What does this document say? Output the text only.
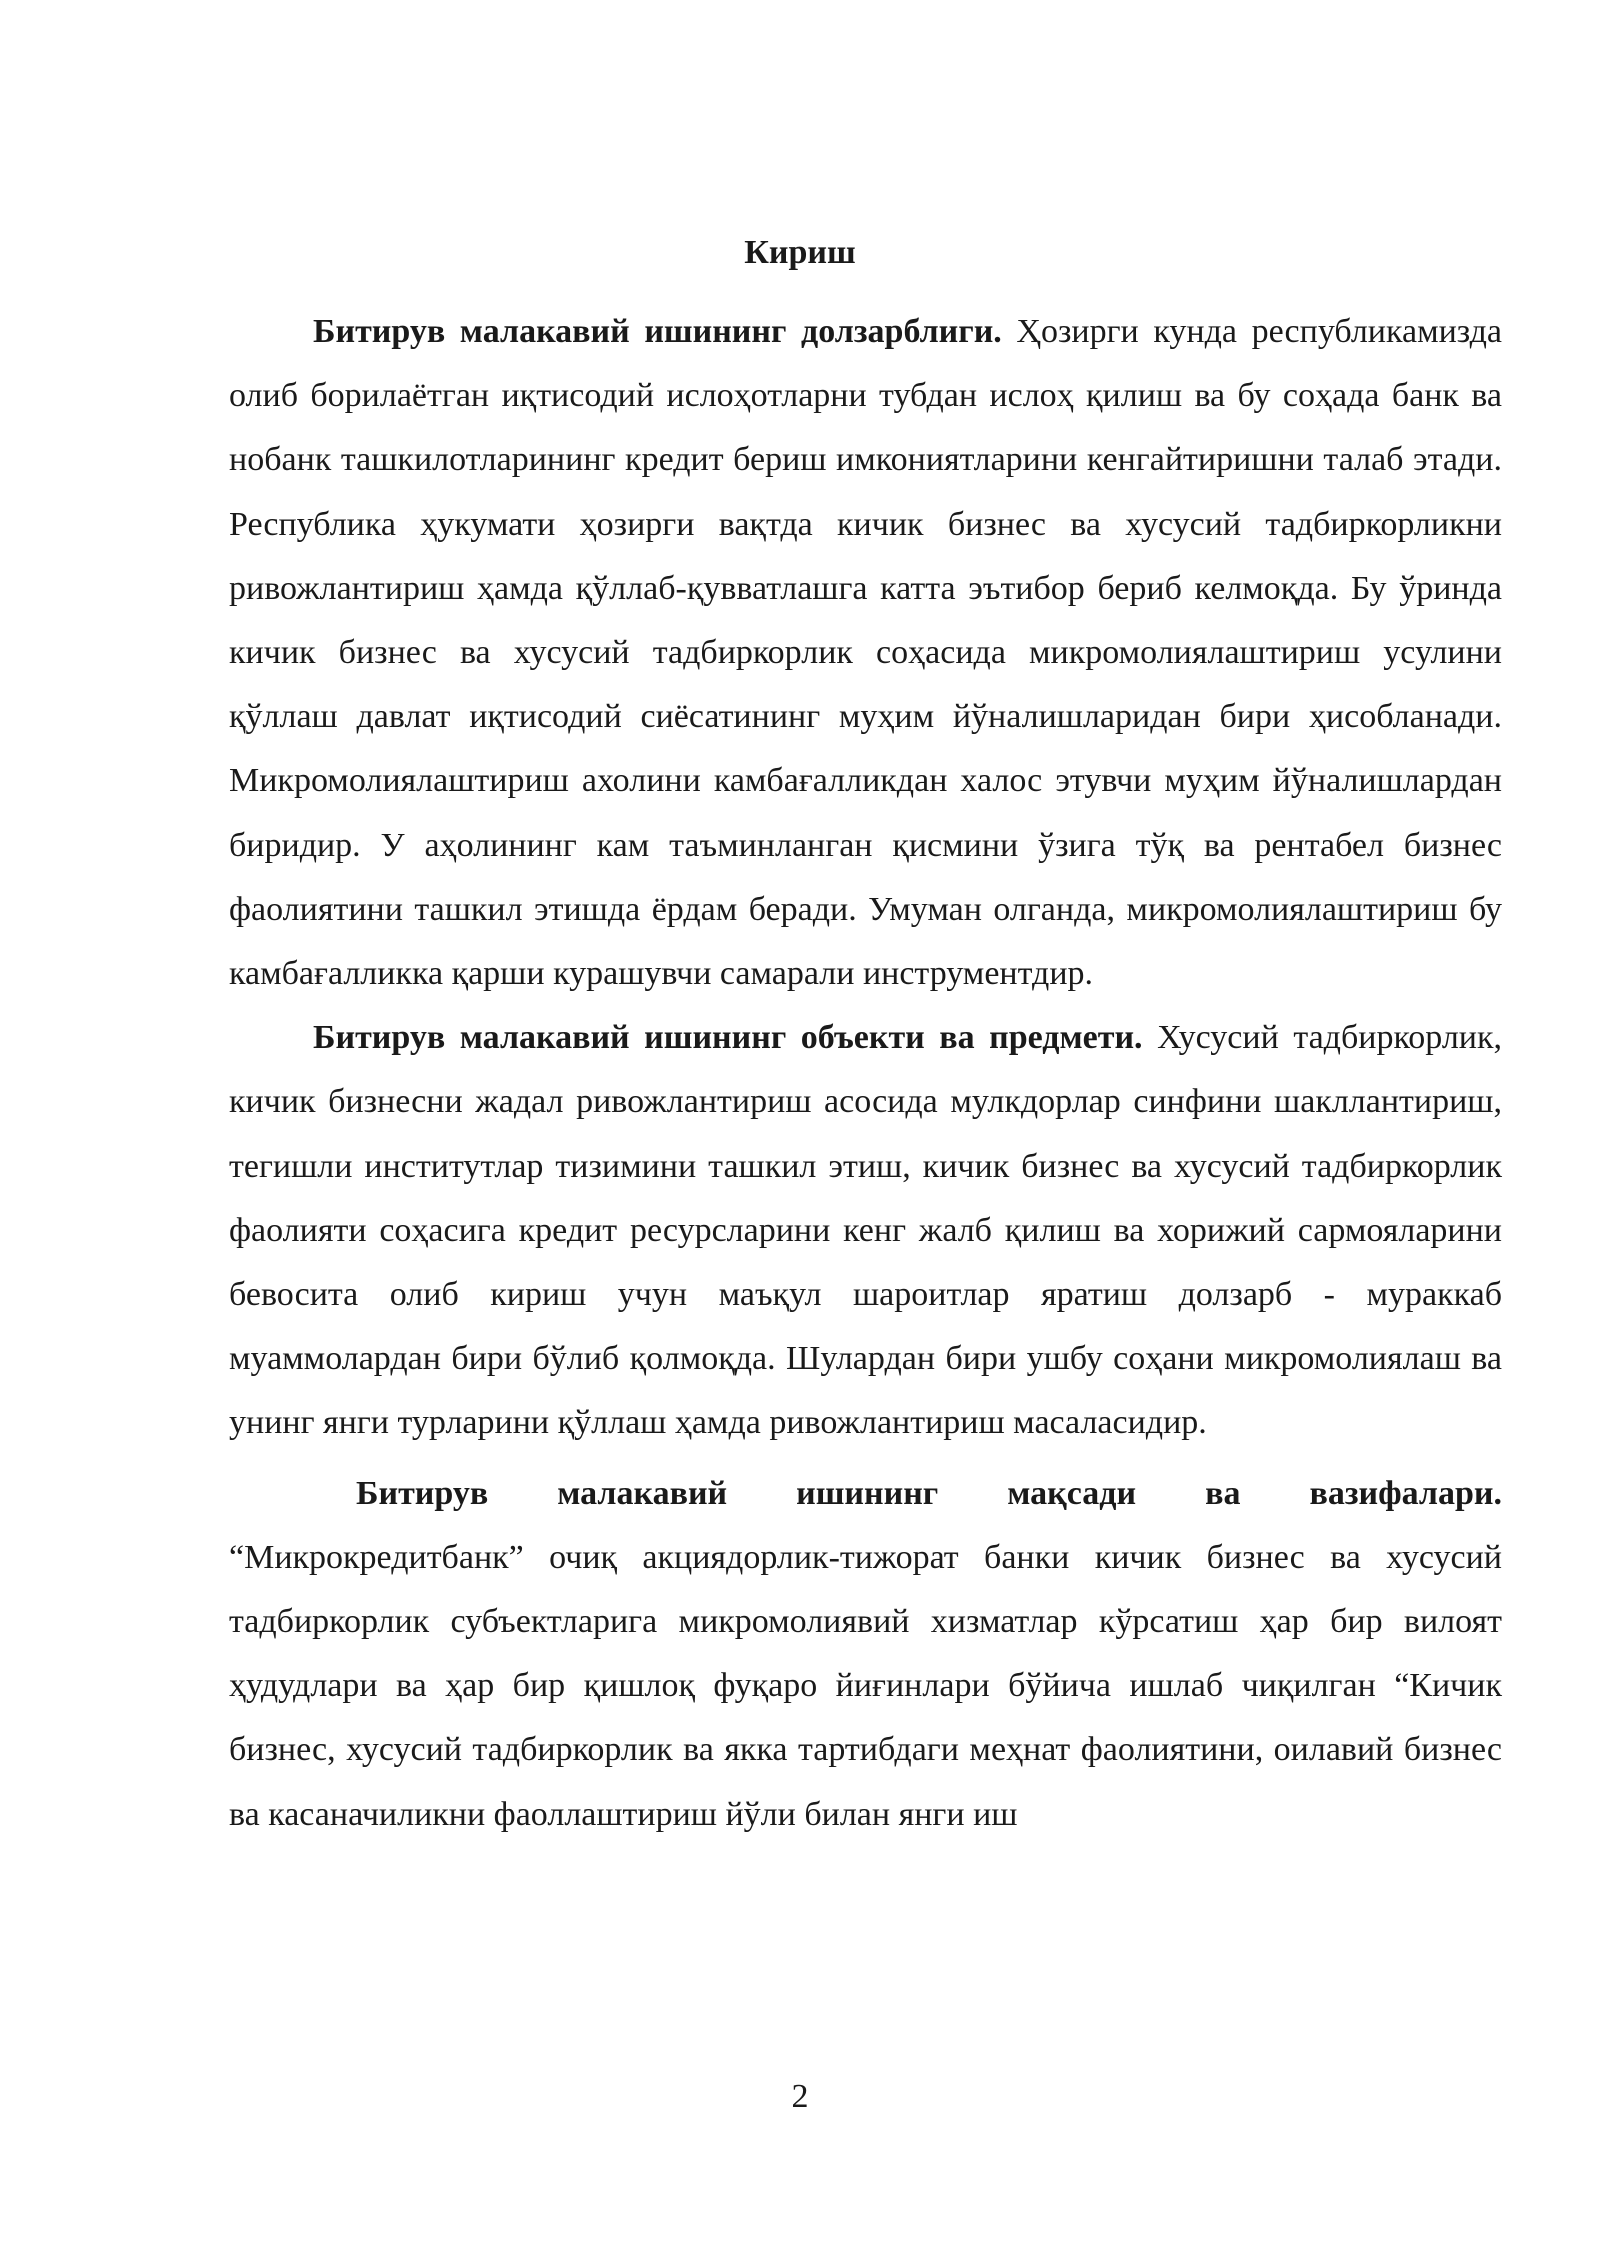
Кириш

Битирув малакавий ишининг долзарблиги. Ҳозирги кунда республикамизда олиб борилаётган иқтисодий ислоҳотларни тубдан ислоҳ қилиш ва бу соҳада банк ва нобанк ташкилотларининг кредит бериш имкониятларини кенгайтиришни талаб этади. Республика ҳукумати ҳозирги вақтда кичик бизнес ва хусусий тадбиркорликни ривожлантириш ҳамда қўллаб-қувватлашга катта эътибор бериб келмоқда. Бу ўринда кичик бизнес ва хусусий тадбиркорлик соҳасида микромолиялаштириш усулини қўллаш давлат иқтисодий сиёсатининг муҳим йўналишларидан бири ҳисобланади. Микромолиялаштириш ахолини камбағалликдан халос этувчи муҳим йўналишлардан биридир. У аҳолининг кам таъминланган қисмини ўзига тўқ ва рентабел бизнес фаолиятини ташкил этишда ёрдам беради. Умуман олганда, микромолиялаштириш бу камбағалликка қарши курашувчи самарали инструментдир.

Битирув малакавий ишининг объекти ва предмети. Хусусий тадбиркорлик, кичик бизнесни жадал ривожлантириш асосида мулкдорлар синфини шакллантириш, тегишли институтлар тизимини ташкил этиш, кичик бизнес ва хусусий тадбиркорлик фаолияти соҳасига кредит ресурсларини кенг жалб қилиш ва хорижий сармояларини бевосита олиб кириш учун маъқул шароитлар яратиш долзарб - мураккаб муаммолардан бири бўлиб қолмоқда. Шулардан бири ушбу соҳани микромолиялаш ва унинг янги турларини қўллаш ҳамда ривожлантириш масаласидир.

Битирув малакавий ишининг мақсади ва вазифалари. “Микрокредитбанк” очиқ акциядорлик-тижорат банки кичик бизнес ва хусусий тадбиркорлик субъектларига микромолиявий хизматлар кўрсатиш ҳар бир вилоят ҳудудлари ва ҳар бир қишлоқ фуқаро йиғинлари бўйича ишлаб чиқилган “Кичик бизнес, хусусий тадбиркорлик ва якка тартибдаги меҳнат фаолиятини, оилавий бизнес ва касаначиликни фаоллаштириш йўли билан янги иш

2
